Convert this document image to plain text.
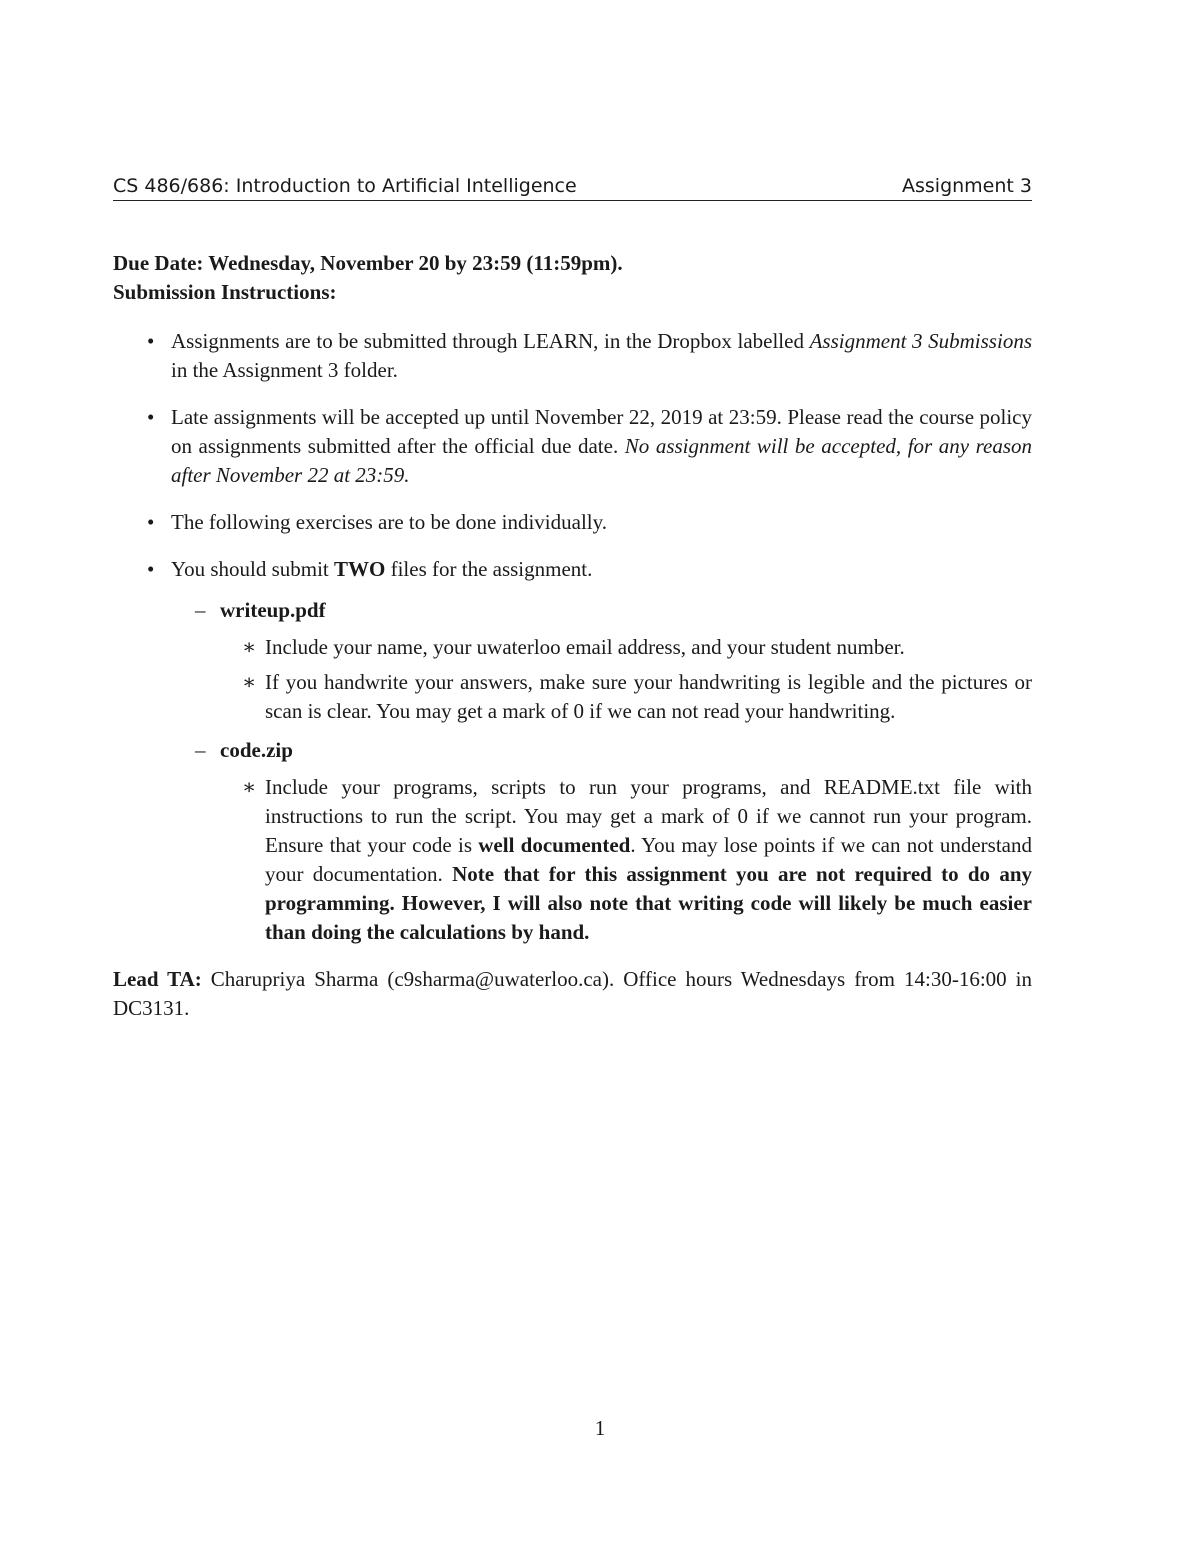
CS 486/686: Introduction to Artificial Intelligence	Assignment 3

Due Date: Wednesday, November 20 by 23:59 (11:59pm).

Submission Instructions:

• Assignments are to be submitted through LEARN, in the Dropbox labelled Assignment 3 Submissions in the Assignment 3 folder.
• Late assignments will be accepted up until November 22, 2019 at 23:59. Please read the course policy on assignments submitted after the official due date. No assignment will be accepted, for any reason after November 22 at 23:59.
• The following exercises are to be done individually.
• You should submit TWO files for the assignment.
– writeup.pdf
∗ Include your name, your uwaterloo email address, and your student number.
∗ If you handwrite your answers, make sure your handwriting is legible and the pictures or scan is clear. You may get a mark of 0 if we can not read your handwriting.
– code.zip
∗ Include your programs, scripts to run your programs, and README.txt file with instructions to run the script. You may get a mark of 0 if we cannot run your program. Ensure that your code is well documented. You may lose points if we can not understand your documentation. Note that for this assignment you are not required to do any programming. However, I will also note that writing code will likely be much easier than doing the calculations by hand.

Lead TA: Charupriya Sharma (c9sharma@uwaterloo.ca). Office hours Wednesdays from 14:30-16:00 in DC3131.

1
